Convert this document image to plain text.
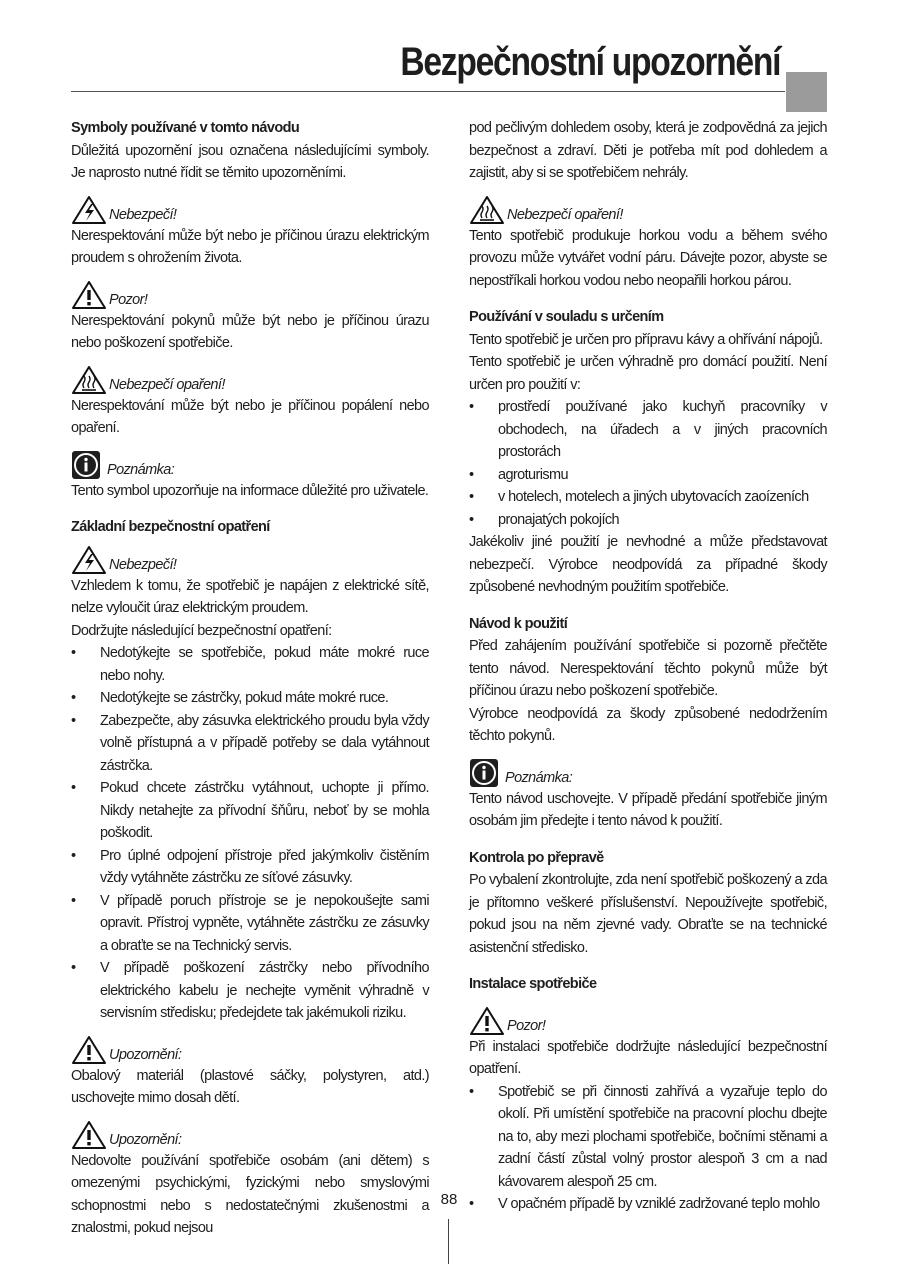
Bezpečnostní upozornění

Symboly používané v tomto návodu

Důležitá upozornění jsou označena následujícími symboly. Je naprosto nutné řídit se těmito upozorněními.

Nebezpečí!

Nerespektování může být nebo je příčinou úrazu elektrickým proudem s ohrožením života.

Pozor!

Nerespektování pokynů může být nebo je příčinou úrazu nebo poškození spotřebiče.

Nebezpečí opaření!

Nerespektování může být nebo je příčinou popálení nebo opaření.

Poznámka:

Tento symbol upozorňuje na informace důležité pro uživatele.

Základní bezpečnostní opatření

Nebezpečí!

Vzhledem k tomu, že spotřebič je napájen z elektrické sítě, nelze vyloučit úraz elektrickým proudem.

Dodržujte následující bezpečnostní opatření:

• Nedotýkejte se spotřebiče, pokud máte mokré ruce nebo nohy.
• Nedotýkejte se zástrčky, pokud máte mokré ruce.
• Zabezpečte, aby zásuvka elektrického proudu byla vždy volně přístupná a v případě potřeby se dala vytáhnout zástrčka.
• Pokud chcete zástrčku vytáhnout, uchopte ji přímo. Nikdy netahejte za přívodní šňůru, neboť by se mohla poškodit.
• Pro úplné odpojení přístroje před jakýmkoliv čistěním vždy vytáhněte zástrčku ze síťové zásuvky.
• V případě poruch přístroje se je nepokoušejte sami opravit. Přístroj vypněte, vytáhněte zástrčku ze zásuvky a obraťte se na Technický servis.
• V případě poškození zástrčky nebo přívodního elektrického kabelu je nechejte vyměnit výhradně v servisním středisku; předejdete tak jakémukoli riziku.
Upozornění:

Obalový materiál (plastové sáčky, polystyren, atd.) uschovejte mimo dosah dětí.

Upozornění:

Nedovolte používání spotřebiče osobám (ani dětem) s omezenými psychickými, fyzickými nebo smyslovými schopnostmi nebo s nedostatečnými zkušenostmi a znalostmi, pokud nejsou

pod pečlivým dohledem osoby, která je zodpovědná za jejich bezpečnost a zdraví. Děti je potřeba mít pod dohledem a zajistit, aby si se spotřebičem nehrály.

Nebezpečí opaření!

Tento spotřebič produkuje horkou vodu a během svého provozu může vytvářet vodní páru. Dávejte pozor, abyste se nepostříkali horkou vodou nebo neopařili horkou párou.

Používání v souladu s určením

Tento spotřebič je určen pro přípravu kávy a ohřívání nápojů.

Tento spotřebič je určen výhradně pro domácí použití. Není určen pro použití v:

• prostředí používané jako kuchyň pracovníky v obchodech, na úřadech a v jiných pracovních prostorách
• agroturismu
• v hotelech, motelech a jiných ubytovacích zaoízeních
• pronajatých pokojích

Jakékoliv jiné použití je nevhodné a může představovat nebezpečí. Výrobce neodpovídá za případné škody způsobené nevhodným použitím spotřebiče.

Návod k použití

Před zahájením používání spotřebiče si pozorně přečtěte tento návod. Nerespektování těchto pokynů může být příčinou úrazu nebo poškození spotřebiče.

Výrobce neodpovídá za škody způsobené nedodržením těchto pokynů.

Poznámka:

Tento návod uschovejte. V případě předání spotřebiče jiným osobám jim předejte i tento návod k použití.

Kontrola po přepravě

Po vybalení zkontrolujte, zda není spotřebič poškozený a zda je přítomno veškeré příslušenství. Nepoužívejte spotřebič, pokud jsou na něm zjevné vady. Obraťte se na technické asistenční středisko.

Instalace spotřebiče

Pozor!

Při instalaci spotřebiče dodržujte následující bezpečnostní opatření.

• Spotřebič se při činnosti zahřívá a vyzařuje teplo do okolí. Při umístění spotřebiče na pracovní plochu dbejte na to, aby mezi plochami spotřebiče, bočními stěnami a zadní částí zůstal volný prostor alespoň 3 cm a nad kávovarem alespoň 25 cm.
• V opačném případě by vzniklé zadržované teplo mohlo
88
